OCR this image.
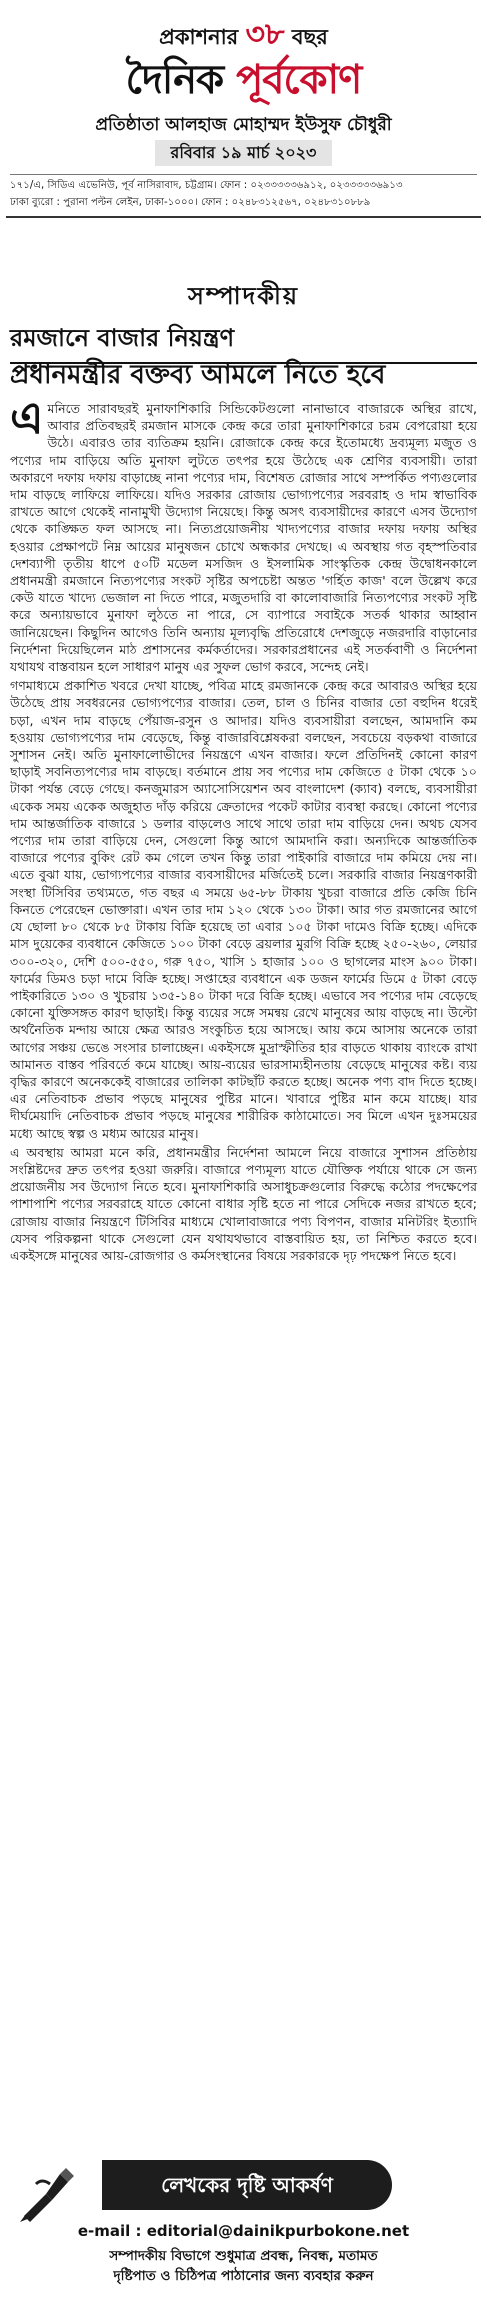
প্রকাশনার ৩৮ বছর
দৈনিক পূর্বকোণ
প্রতিষ্ঠাতা আলহাজ মোহাম্মদ ইউসুফ চৌধুরী
রবিবার ১৯ মার্চ ২০২৩
১৭১/এ, সিডিএ এভেনিউ, পূর্ব নাসিরাবাদ, চট্টগ্রাম। ফোন : ০২৩৩৩৩৩৬৯১২, ০২৩৩৩৩৩৬৯১৩
ঢাকা ব্যুরো : পুরানা পল্টন লেইন, ঢাকা-১০০০। ফোন : ০২৪৮৩১২৫৬৭, ০২৪৮৩১০৮৮৯
সম্পাদকীয়
রমজানে বাজার নিয়ন্ত্রণ
প্রধানমন্ত্রীর বক্তব্য আমলে নিতে হবে

এ মনিতে সারাবছরই মুনাফাশিকারি সিন্ডিকেটগুলো নানাভাবে বাজারকে অস্থির রাখে, আবার প্রতিবছরই রমজান মাসকে কেন্দ্র করে তারা মুনাফাশিকারে চরম বেপরোয়া হয়ে উঠে। এবারও তার ব্যতিক্রম হয়নি। রোজাকে কেন্দ্র করে ইতোমধ্যে দ্রব্যমূল্য মজুত ও পণ্যের দাম বাড়িয়ে অতি মুনাফা লুটতে তৎপর হয়ে উঠেছে এক শ্রেণির ব্যবসায়ী। তারা অকারণে দফায় দফায় বাড়াচ্ছে নানা পণ্যের দাম, বিশেষত রোজার সাথে সম্পর্কিত পণ্যগুলোর দাম বাড়ছে লাফিয়ে লাফিয়ে। যদিও সরকার রোজায় ভোগ্যপণ্যের সরবরাহ ও দাম স্বাভাবিক রাখতে আগে থেকেই নানামুখী উদ্যোগ নিয়েছে। কিন্তু অসৎ ব্যবসায়ীদের কারণে এসব উদ্যোগ থেকে কাঙ্ক্ষিত ফল আসছে না। নিত্যপ্রয়োজনীয় খাদ্যপণ্যের বাজার দফায় দফায় অস্থির হওয়ার প্রেক্ষাপটে নিম্ন আয়ের মানুষজন চোখে অন্ধকার দেখছে। এ অবস্থায় গত বৃহস্পতিবার দেশব্যাপী তৃতীয় ধাপে ৫০টি মডেল মসজিদ ও ইসলামিক সাংস্কৃতিক কেন্দ্র উদ্বোধনকালে প্রধানমন্ত্রী রমজানে নিত্যপণ্যের সংকট সৃষ্টির অপচেষ্টা অন্তত 'গর্হিত কাজ' বলে উল্লেখ করে কেউ যাতে খাদ্যে ভেজাল না দিতে পারে, মজুতদারি বা কালোবাজারি নিত্যপণ্যের সংকট সৃষ্টি করে অন্যায়ভাবে মুনাফা লুঠতে না পারে, সে ব্যাপারে সবাইকে সতর্ক থাকার আহ্বান জানিয়েছেন। কিছুদিন আগেও তিনি অন্যায় মূল্যবৃদ্ধি প্রতিরোধে দেশজুড়ে নজরদারি বাড়ানোর নির্দেশনা দিয়েছিলেন মাঠ প্রশাসনের কর্মকর্তাদের। সরকারপ্রধানের এই সতর্কবাণী ও নির্দেশনা যথাযথ বাস্তবায়ন হলে সাধারণ মানুষ এর সুফল ভোগ করবে, সন্দেহ নেই।

গণমাধ্যমে প্রকাশিত খবরে দেখা যাচ্ছে, পবিত্র মাহে রমজানকে কেন্দ্র করে আবারও অস্থির হয়ে উঠেছে প্রায় সবধরনের ভোগ্যপণ্যের বাজার। তেল, চাল ও চিনির বাজার তো বহুদিন ধরেই চড়া, এখন দাম বাড়ছে পেঁয়াজ-রসুন ও আদার। যদিও ব্যবসায়ীরা বলছেন, আমদানি কম হওয়ায় ভোগ্যপণ্যের দাম বেড়েছে, কিন্তু বাজারবিশ্লেষকরা বলছেন, সবচেয়ে বড়কথা বাজারে সুশাসন নেই। অতি মুনাফালোভীদের নিয়ন্ত্রণে এখন বাজার। ফলে প্রতিদিনই কোনো কারণ ছাড়াই সবনিত্যপণ্যের দাম বাড়ছে। বর্তমানে প্রায় সব পণ্যের দাম কেজিতে ৫ টাকা থেকে ১০ টাকা পর্যন্ত বেড়ে গেছে। কনজুমারস অ্যাসোসিয়েশন অব বাংলাদেশ (ক্যাব) বলছে, ব্যবসায়ীরা একেক সময় একেক অজুহাত দাঁড় করিয়ে ক্রেতাদের পকেট কাটার ব্যবস্থা করছে। কোনো পণ্যের দাম আন্তর্জাতিক বাজারে ১ ডলার বাড়লেও সাথে সাথে তারা দাম বাড়িয়ে দেন। অথচ যেসব পণ্যের দাম তারা বাড়িয়ে দেন, সেগুলো কিন্তু আগে আমদানি করা। অন্যদিকে আন্তর্জাতিক বাজারে পণ্যের বুকিং রেট কম গেলে তখন কিন্তু তারা পাইকারি বাজারে দাম কমিয়ে দেয় না। এতে বুঝা যায়, ভোগ্যপণ্যের বাজার ব্যবসায়ীদের মর্জিতেই চলে। সরকারি বাজার নিয়ন্ত্রণকারী সংস্থা টিসিবির তথ্যমতে, গত বছর এ সময়ে ৬৫-৮৮ টাকায় খুচরা বাজারে প্রতি কেজি চিনি কিনতে পেরেছেন ভোক্তারা। এখন তার দাম ১২০ থেকে ১৩০ টাকা। আর গত রমজানের আগে যে ছোলা ৮০ থেকে ৮৫ টাকায় বিক্রি হয়েছে তা এবার ১০৫ টাকা দামেও বিক্রি হচ্ছে। এদিকে মাস দুয়েকের ব্যবধানে কেজিতে ১০০ টাকা বেড়ে ব্রয়লার মুরগি বিক্রি হচ্ছে ২৫০-২৬০, লেয়ার ৩০০-৩২০, দেশি ৫০০-৫৫০, গরু ৭৫০, খাসি ১ হাজার ১০০ ও ছাগলের মাংস ৯০০ টাকা। ফার্মের ডিমও চড়া দামে বিক্রি হচ্ছে। সপ্তাহের ব্যবধানে এক ডজন ফার্মের ডিমে ৫ টাকা বেড়ে পাইকারিতে ১৩০ ও খুচরায় ১৩৫-১৪০ টাকা দরে বিক্রি হচ্ছে। এভাবে সব পণ্যের দাম বেড়েছে কোনো যুক্তিসঙ্গত কারণ ছাড়াই। কিন্তু ব্যয়ের সঙ্গে সমন্বয় রেখে মানুষের আয় বাড়ছে না। উল্টো অর্থনৈতিক মন্দায় আয়ে ক্ষেত্র আরও সংকুচিত হয়ে আসছে। আয় কমে আসায় অনেকে তারা আগের সঞ্চয় ভেঙে সংসার চালাচ্ছেন। একইসঙ্গে মুদ্রাস্ফীতির হার বাড়তে থাকায় ব্যাংকে রাখা আমানত বাস্তব পরিবর্তে কমে যাচ্ছে। আয়-ব্যয়ের ভারসাম্যহীনতায় বেড়েছে মানুষের কষ্ট। ব্যয় বৃদ্ধির কারণে অনেককেই বাজারের তালিকা কাটছাঁট করতে হচ্ছে। অনেক পণ্য বাদ দিতে হচ্ছে। এর নেতিবাচক প্রভাব পড়ছে মানুষের পুষ্টির মানে। খাবারে পুষ্টির মান কমে যাচ্ছে। যার দীর্ঘমেয়াদি নেতিবাচক প্রভাব পড়ছে মানুষের শারীরিক কাঠামোতে। সব মিলে এখন দুঃসময়ের মধ্যে আছে স্বল্প ও মধ্যম আয়ের মানুষ।

এ অবস্থায় আমরা মনে করি, প্রধানমন্ত্রীর নির্দেশনা আমলে নিয়ে বাজারে সুশাসন প্রতিষ্ঠায় সংশ্লিষ্টদের দ্রুত তৎপর হওয়া জরুরি। বাজারে পণ্যমূল্য যাতে যৌক্তিক পর্যায়ে থাকে সে জন্য প্রয়োজনীয় সব উদ্যোগ নিতে হবে। মুনাফাশিকারি অসাধুচক্রগুলোর বিরুদ্ধে কঠোর পদক্ষেপের পাশাপাশি পণ্যের সরবরাহে যাতে কোনো বাধার সৃষ্টি হতে না পারে সেদিকে নজর রাখতে হবে; রোজায় বাজার নিয়ন্ত্রণে টিসিবির মাধ্যমে খোলাবাজারে পণ্য বিপণন, বাজার মনিটরিং ইত্যাদি যেসব পরিকল্পনা থাকে সেগুলো যেন যথাযথভাবে বাস্তবায়িত হয়, তা নিশ্চিত করতে হবে। একইসঙ্গে মানুষের আয়-রোজগার ও কর্মসংস্থানের বিষয়ে সরকারকে দৃঢ় পদক্ষেপ নিতে হবে।

লেখকের দৃষ্টি আকর্ষণ
e-mail : editorial@dainikpurbokone.net
সম্পাদকীয় বিভাগে শুধুমাত্র প্রবন্ধ, নিবন্ধ, মতামত
দৃষ্টিপাত ও চিঠিপত্র পাঠানোর জন্য ব্যবহার করুন
